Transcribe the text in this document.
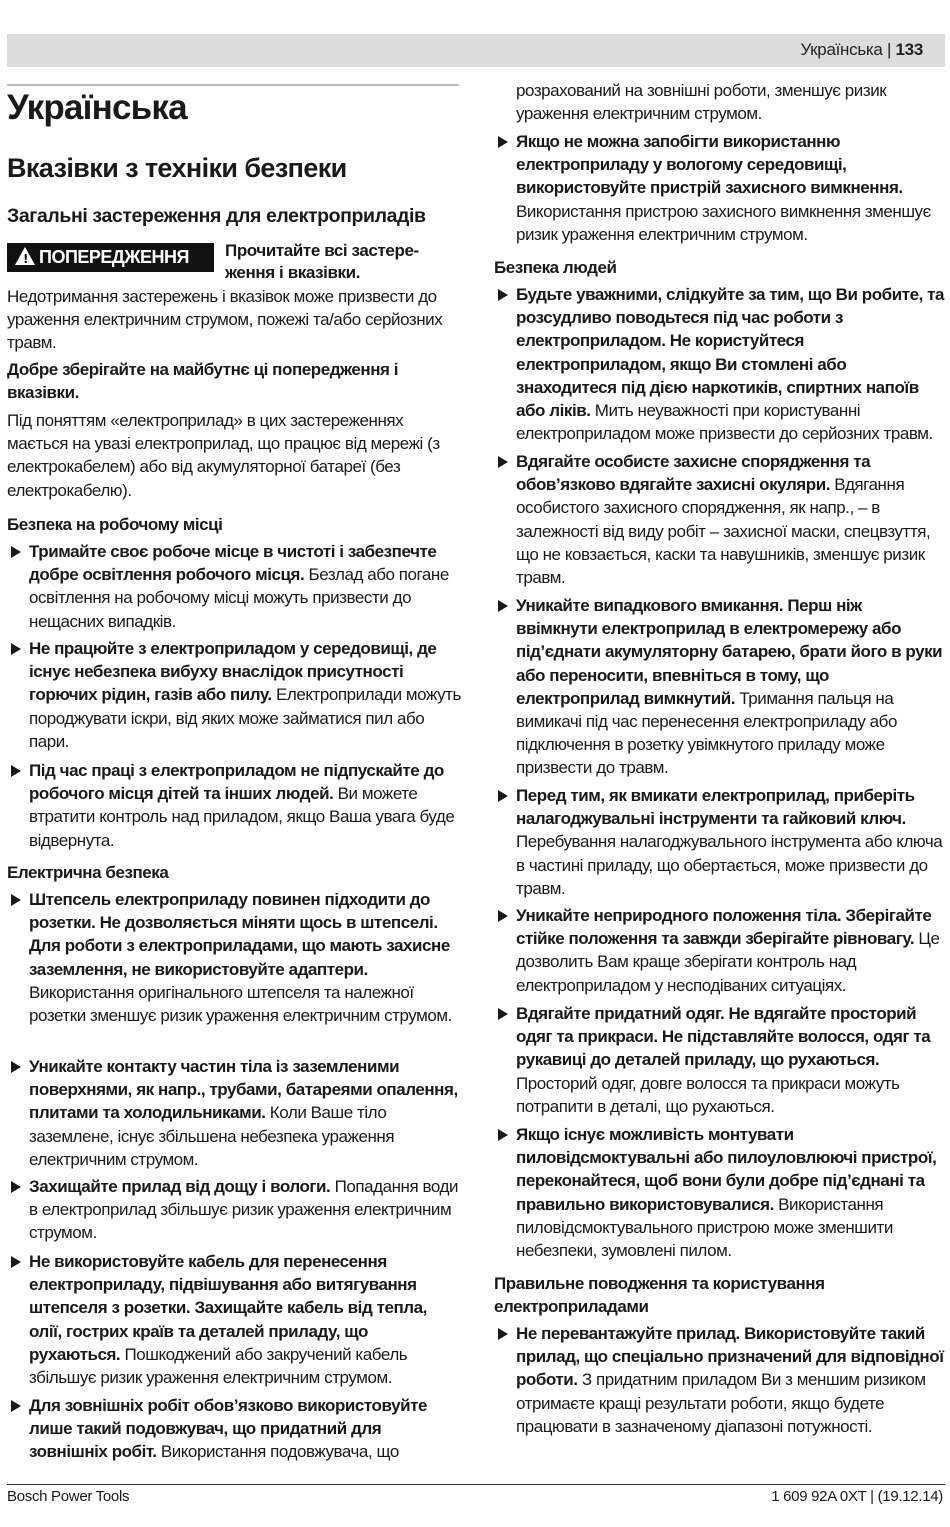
Українська | 133
Українська
Вказівки з техніки безпеки
Загальні застереження для електроприладів
! ПОПЕРЕДЖЕННЯ	Прочитайте всі застере-ження і вказівки.
Недотримання застережень і вказівок може призвести до ураження електричним струмом, пожежі та/або серйозних травм.
Добре зберігайте на майбутнє ці попередження і вказівки.
Під поняттям «електроприлад» в цих застереженнях мається на увазі електроприлад, що працює від мережі (з електрокабелем) або від акумуляторної батареї (без електрокабелю).
Безпека на робочому місці
Тримайте своє робоче місце в чистоті і забезпечте добре освітлення робочого місця. Безлад або погане освітлення на робочому місці можуть призвести до нещасних випадків.
Не працюйте з електроприладом у середовищі, де існує небезпека вибуху внаслідок присутності горючих рідин, газів або пилу. Електроприлади можуть породжувати іскри, від яких може займатися пил або пари.
Під час праці з електроприладом не підпускайте до робочого місця дітей та інших людей. Ви можете втратити контроль над приладом, якщо Ваша увага буде відвернута.
Електрична безпека
Штепсель електроприладу повинен підходити до розетки. Не дозволяється міняти щось в штепселі. Для роботи з електроприладами, що мають захисне заземлення, не використовуйте адаптери. Використання оригінального штепселя та належної розетки зменшує ризик ураження електричним струмом.
Уникайте контакту частин тіла із заземленими поверхнями, як напр., трубами, батареями опалення, плитами та холодильниками. Коли Ваше тіло заземлене, існує збільшена небезпека ураження електричним струмом.
Захищайте прилад від дощу і вологи. Попадання води в електроприлад збільшує ризик ураження електричним струмом.
Не використовуйте кабель для перенесення електроприладу, підвішування або витягування штепселя з розетки. Захищайте кабель від тепла, олії, гострих країв та деталей приладу, що рухаються. Пошкоджений або закручений кабель збільшує ризик ураження електричним струмом.
Для зовнішніх робіт обов’язково використовуйте лише такий подовжувач, що придатний для зовнішніх робіт. Використання подовжувача, що
розрахований на зовнішні роботи, зменшує ризик ураження електричним струмом.
Якщо не можна запобігти використанню електроприладу у вологому середовищі, використовуйте пристрій захисного вимкнення. Використання пристрою захисного вимкнення зменшує ризик ураження електричним струмом.
Безпека людей
Будьте уважними, слідкуйте за тим, що Ви робите, та розсудливо поводьтеся під час роботи з електроприладом. Не користуйтеся електроприладом, якщо Ви стомлені або знаходитеся під дією наркотиків, спиртних напоїв або ліків. Мить неуважності при користуванні електроприладом може призвести до серйозних травм.
Вдягайте особисте захисне спорядження та обов’язково вдягайте захисні окуляри. Вдягання особистого захисного спорядження, як напр., – в залежності від виду робіт – захисної маски, спецвзуття, що не ковзається, каски та навушників, зменшує ризик травм.
Уникайте випадкового вмикання. Перш ніж ввімкнути електроприлад в електромережу або під’єднати акумуляторну батарею, брати його в руки або переносити, впевніться в тому, що електроприлад вимкнутий. Тримання пальця на вимикачі під час перенесення електроприладу або підключення в розетку увімкнутого приладу може призвести до травм.
Перед тим, як вмикати електроприлад, приберіть налагоджувальні інструменти та гайковий ключ. Перебування налагоджувального інструмента або ключа в частині приладу, що обертається, може призвести до травм.
Уникайте неприродного положення тіла. Зберігайте стійке положення та завжди зберігайте рівновагу. Це дозволить Вам краще зберігати контроль над електроприладом у несподіваних ситуаціях.
Вдягайте придатний одяг. Не вдягайте просторий одяг та прикраси. Не підставляйте волосся, одяг та рукавиці до деталей приладу, що рухаються. Просторий одяг, довге волосся та прикраси можуть потрапити в деталі, що рухаються.
Якщо існує можливість монтувати пиловідсмоктувальні або пилоуловлюючі пристрої, переконайтеся, щоб вони були добре під’єднані та правильно використовувалися. Використання пиловідсмоктувального пристрою може зменшити небезпеки, зумовлені пилом.
Правильне поводження та користування електроприладами
Не перевантажуйте прилад. Використовуйте такий прилад, що спеціально призначений для відповідної роботи. З придатним приладом Ви з меншим ризиком отримаєте кращі результати роботи, якщо будете працювати в зазначеному діапазоні потужності.
Bosch Power Tools	1 609 92A 0XT | (19.12.14)
